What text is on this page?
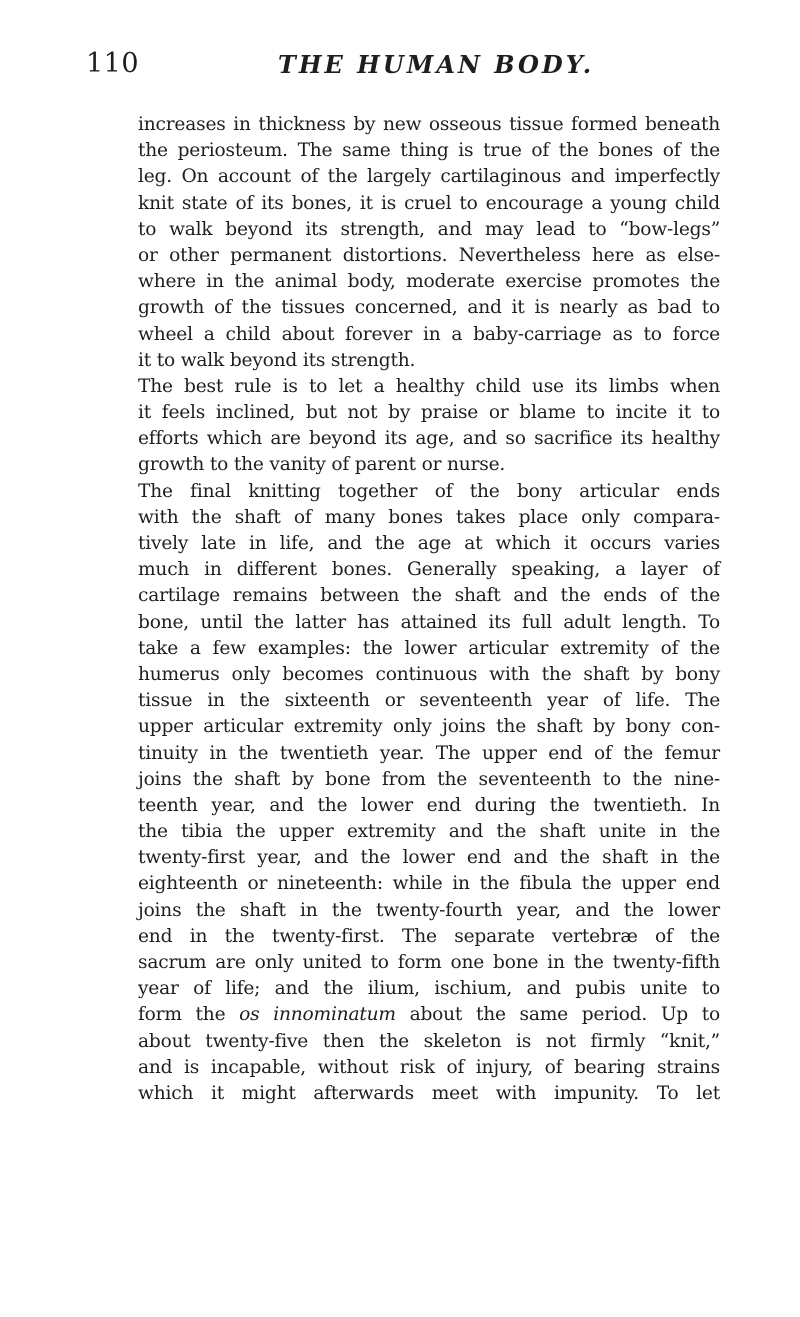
110	THE HUMAN BODY.
increases in thickness by new osseous tissue formed beneath
the periosteum. The same thing is true of the bones of the
leg. On account of the largely cartilaginous and imperfectly
knit state of its bones, it is cruel to encourage a young child
to walk beyond its strength, and may lead to “bow-legs”
or other permanent distortions. Nevertheless here as else-
where in the animal body, moderate exercise promotes the
growth of the tissues concerned, and it is nearly as bad to
wheel a child about forever in a baby-carriage as to force
it to walk beyond its strength.
The best rule is to let a healthy child use its limbs when
it feels inclined, but not by praise or blame to incite it to
efforts which are beyond its age, and so sacrifice its healthy
growth to the vanity of parent or nurse.
The final knitting together of the bony articular ends
with the shaft of many bones takes place only compara-
tively late in life, and the age at which it occurs varies
much in different bones. Generally speaking, a layer of
cartilage remains between the shaft and the ends of the
bone, until the latter has attained its full adult length. To
take a few examples: the lower articular extremity of the
humerus only becomes continuous with the shaft by bony
tissue in the sixteenth or seventeenth year of life. The
upper articular extremity only joins the shaft by bony con-
tinuity in the twentieth year. The upper end of the femur
joins the shaft by bone from the seventeenth to the nine-
teenth year, and the lower end during the twentieth. In
the tibia the upper extremity and the shaft unite in the
twenty-first year, and the lower end and the shaft in the
eighteenth or nineteenth: while in the fibula the upper end
joins the shaft in the twenty-fourth year, and the lower
end in the twenty-first. The separate vertebræ of the
sacrum are only united to form one bone in the twenty-fifth
year of life; and the ilium, ischium, and pubis unite to
form the os innominatum about the same period. Up to
about twenty-five then the skeleton is not firmly “knit,”
and is incapable, without risk of injury, of bearing strains
which it might afterwards meet with impunity. To let
